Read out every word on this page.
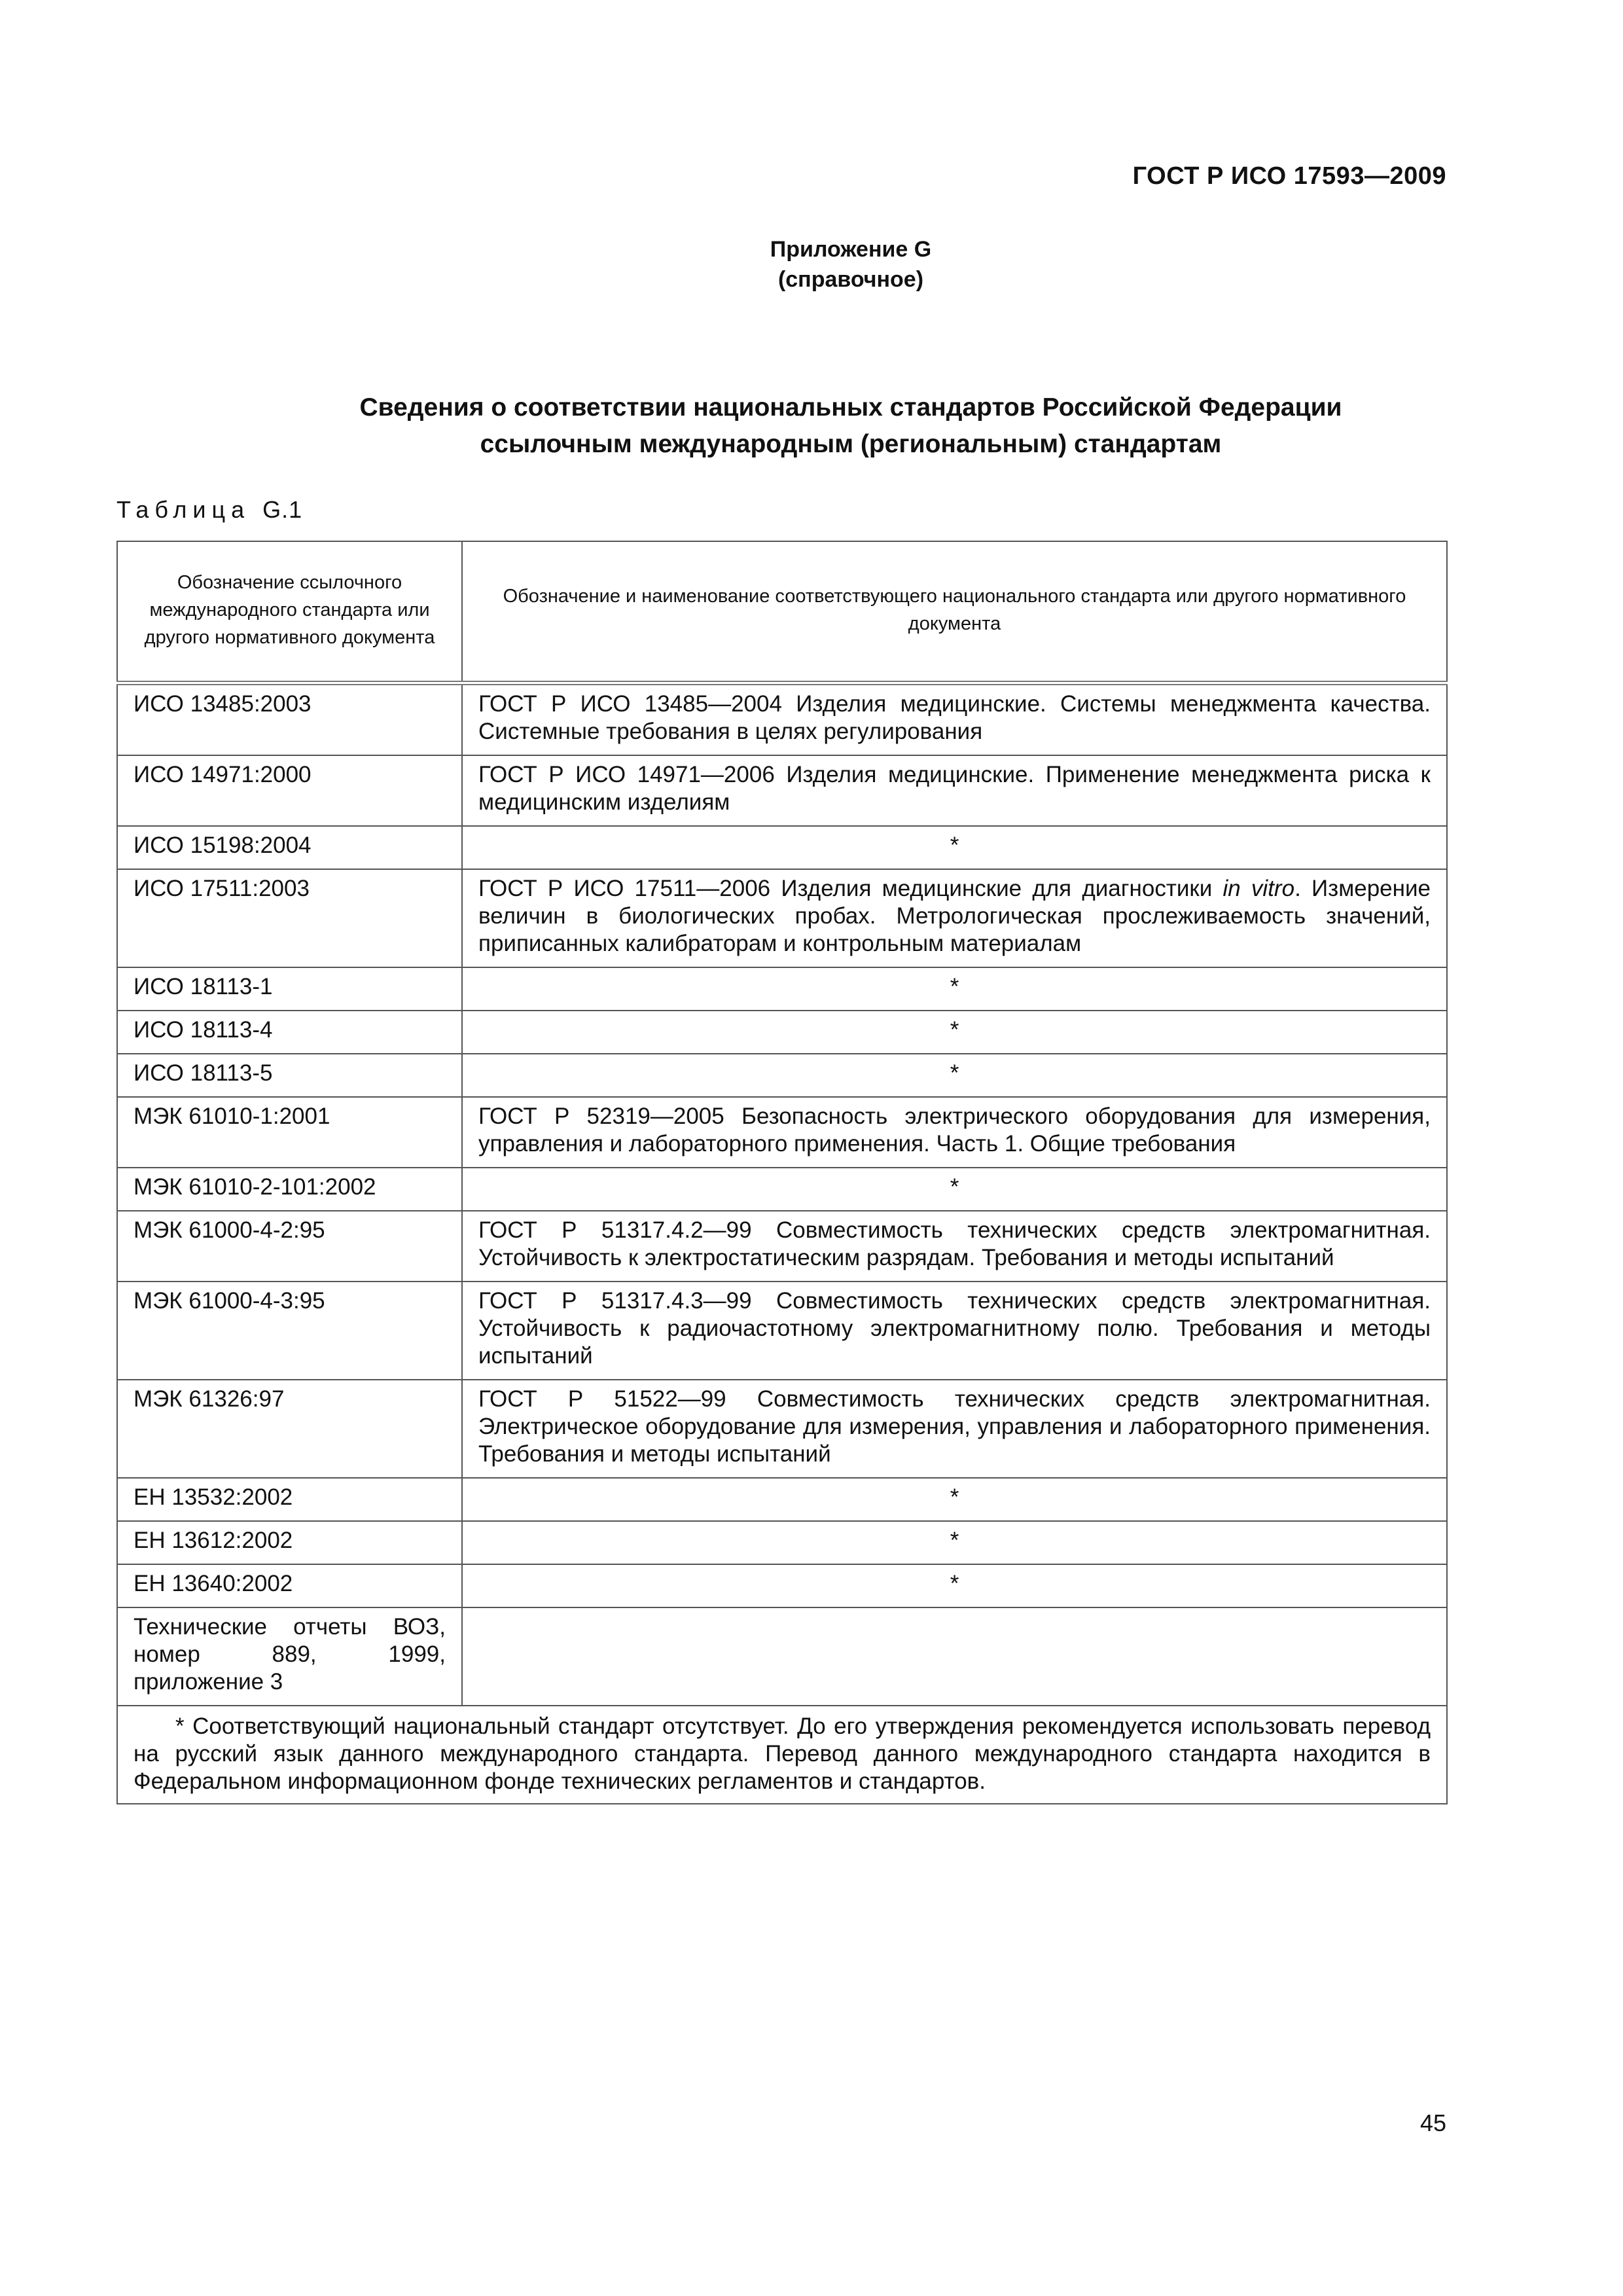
ГОСТ Р ИСО 17593—2009
Приложение G
(справочное)
Сведения о соответствии национальных стандартов Российской Федерации
ссылочным международным (региональным) стандартам
Таблица G.1
Обозначение ссылочного международного стандарта или другого нормативного документа	Обозначение и наименование соответствующего национального стандарта или другого нормативного документа
ИСО 13485:2003	ГОСТ Р ИСО 13485—2004 Изделия медицинские. Системы менеджмента качества. Системные требования в целях регулирования
ИСО 14971:2000	ГОСТ Р ИСО 14971—2006 Изделия медицинские. Применение менеджмента риска к медицинским изделиям
ИСО 15198:2004	*
ИСО 17511:2003	ГОСТ Р ИСО 17511—2006 Изделия медицинские для диагностики in vitro. Измерение величин в биологических пробах. Метрологическая прослеживаемость значений, приписанных калибраторам и контрольным материалам
ИСО 18113-1	*
ИСО 18113-4	*
ИСО 18113-5	*
МЭК 61010-1:2001	ГОСТ Р 52319—2005 Безопасность электрического оборудования для измерения, управления и лабораторного применения. Часть 1. Общие требования
МЭК 61010-2-101:2002	*
МЭК 61000-4-2:95	ГОСТ Р 51317.4.2—99 Совместимость технических средств электромагнитная. Устойчивость к электростатическим разрядам. Требования и методы испытаний
МЭК 61000-4-3:95	ГОСТ Р 51317.4.3—99 Совместимость технических средств электромагнитная. Устойчивость к радиочастотному электромагнитному полю. Требования и методы испытаний
МЭК 61326:97	ГОСТ Р 51522—99 Совместимость технических средств электромагнитная. Электрическое оборудование для измерения, управления и лабораторного применения. Требования и методы испытаний
ЕН 13532:2002	*
ЕН 13612:2002	*
ЕН 13640:2002	*
Технические отчеты ВОЗ, номер 889, 1999, приложение 3	
* Соответствующий национальный стандарт отсутствует. До его утверждения рекомендуется использовать перевод на русский язык данного международного стандарта. Перевод данного международного стандарта находится в Федеральном информационном фонде технических регламентов и стандартов.	
45
